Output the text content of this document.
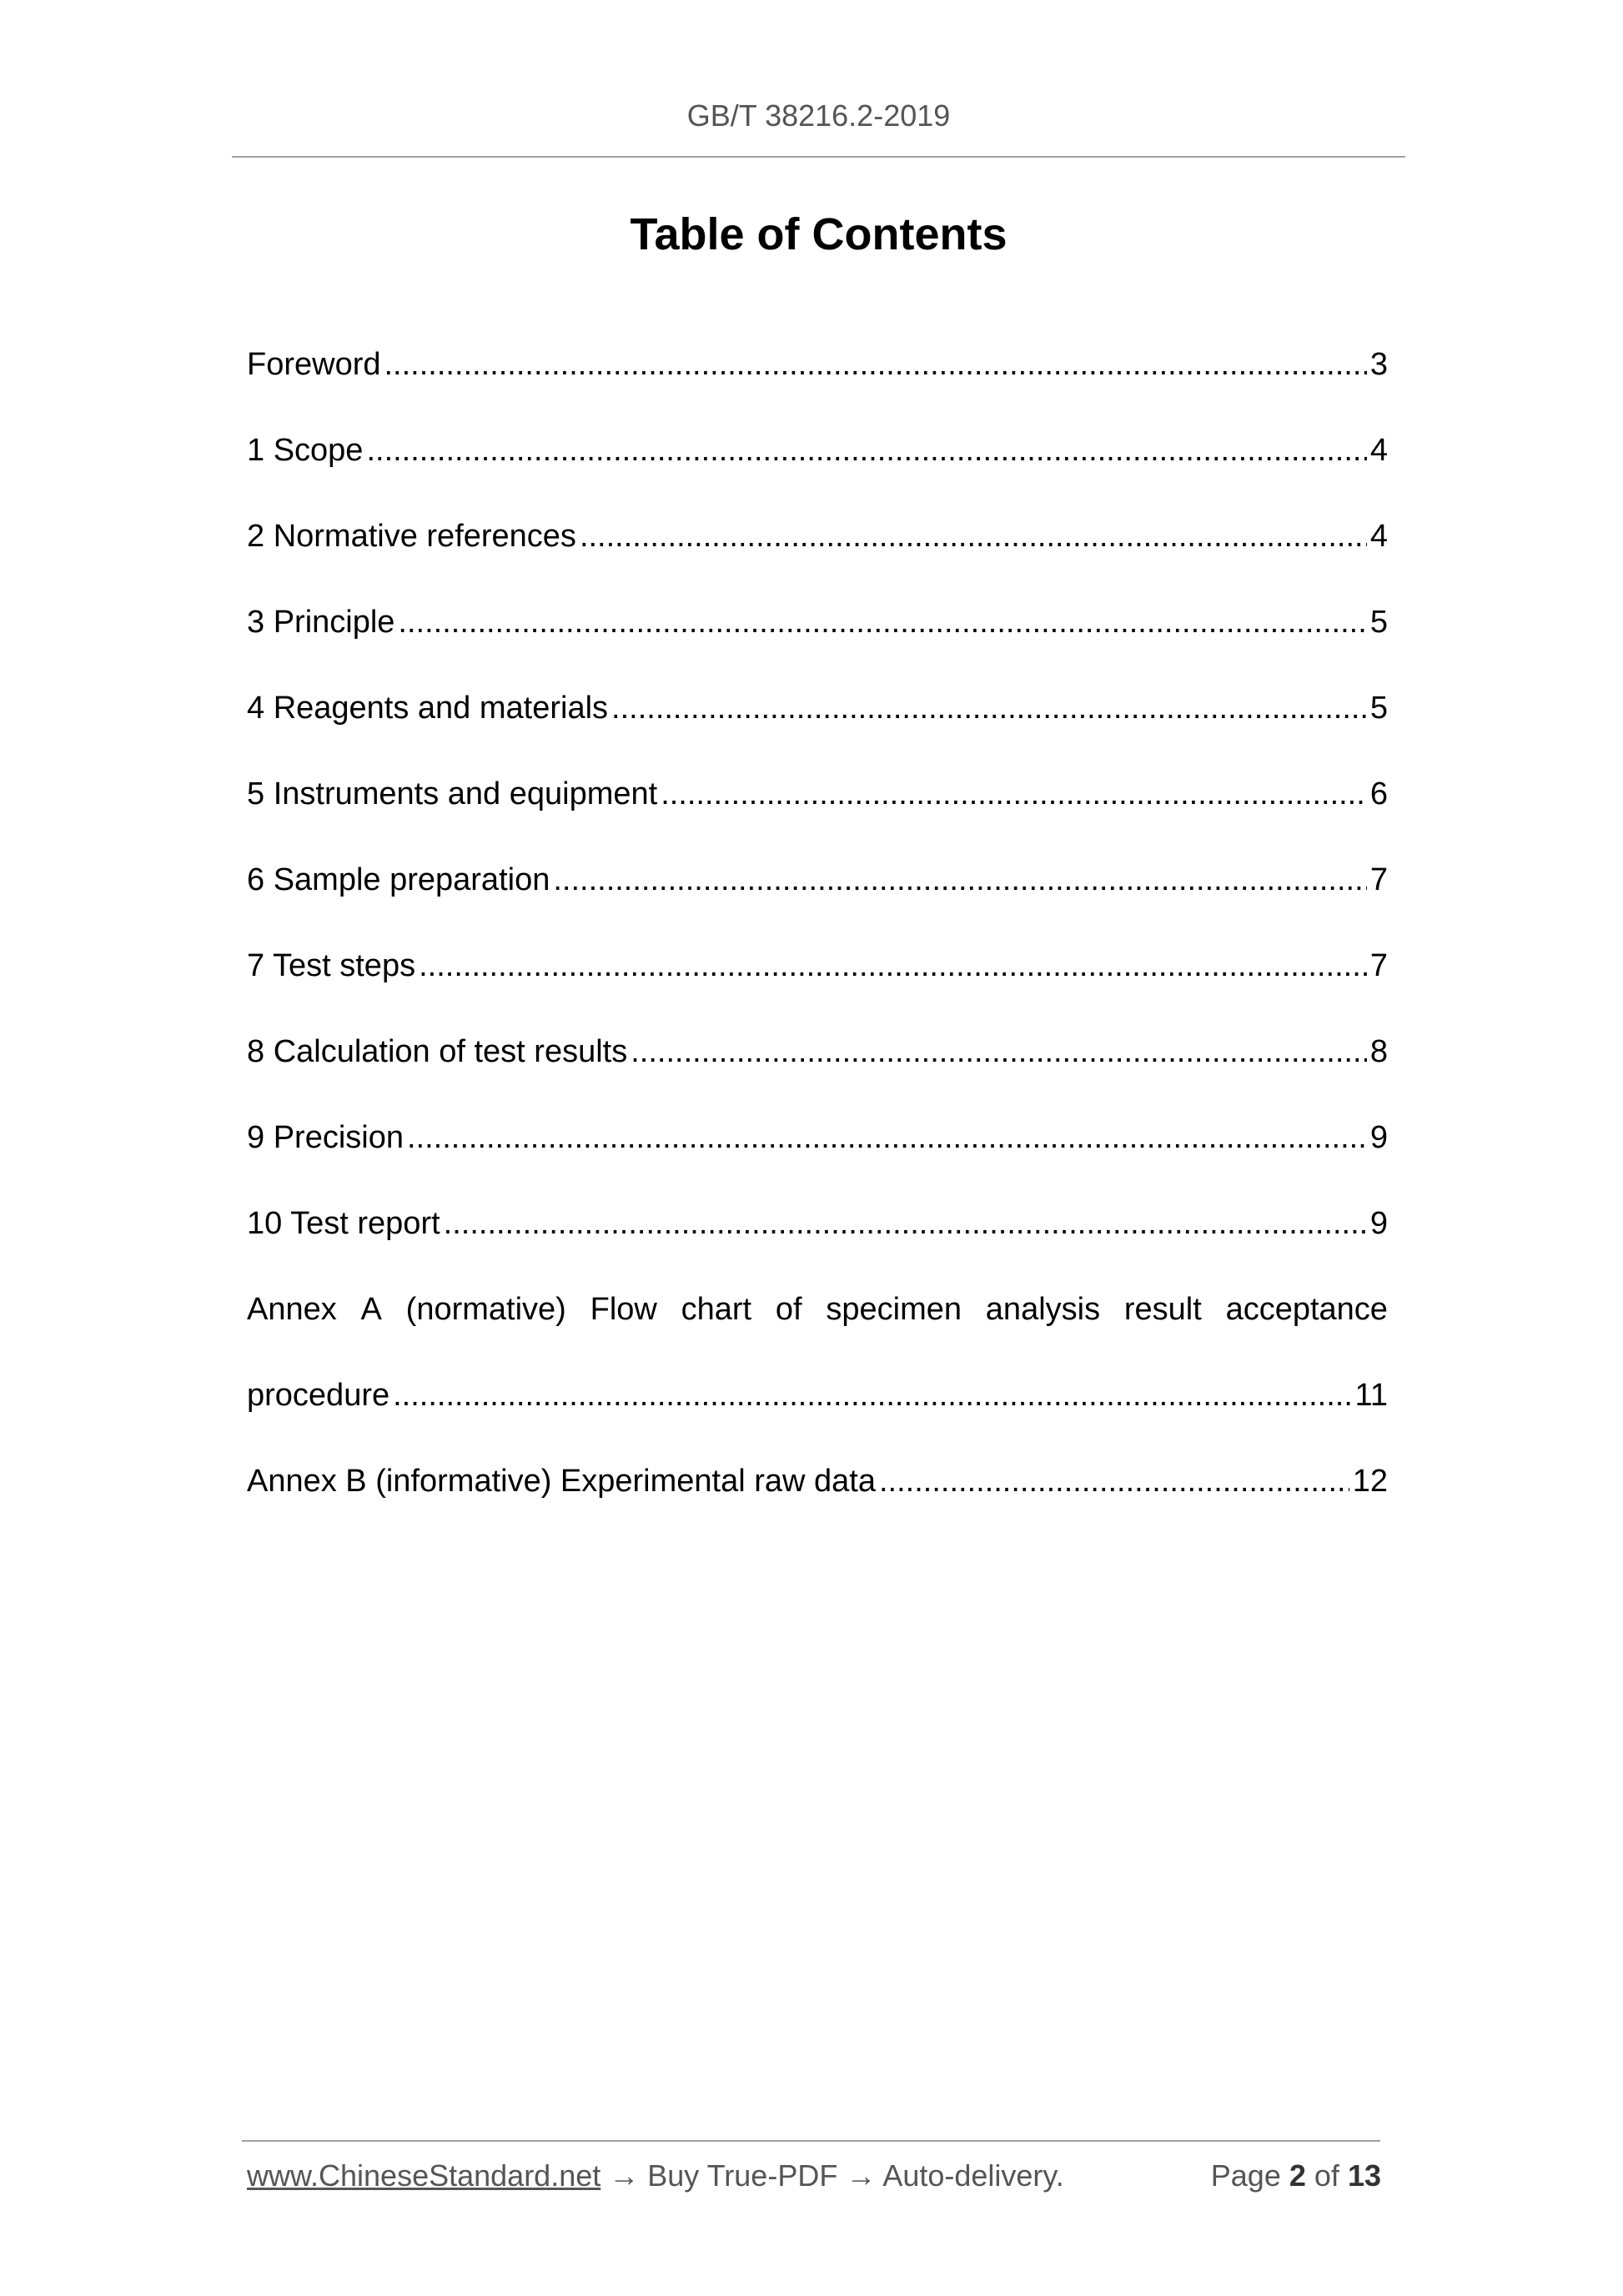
GB/T 38216.2-2019
Table of Contents
Foreword .....	3
1 Scope .....	4
2 Normative references .....	4
3 Principle .....	5
4 Reagents and materials .....	5
5 Instruments and equipment .....	6
6 Sample preparation .....	7
7 Test steps .....	7
8 Calculation of test results .....	8
9 Precision .....	9
10 Test report .....	9
Annex A (normative) Flow chart of specimen analysis result acceptance
procedure .....	11
Annex B (informative) Experimental raw data .....	12
www.ChineseStandard.net → Buy True-PDF → Auto-delivery.	Page 2 of 13
